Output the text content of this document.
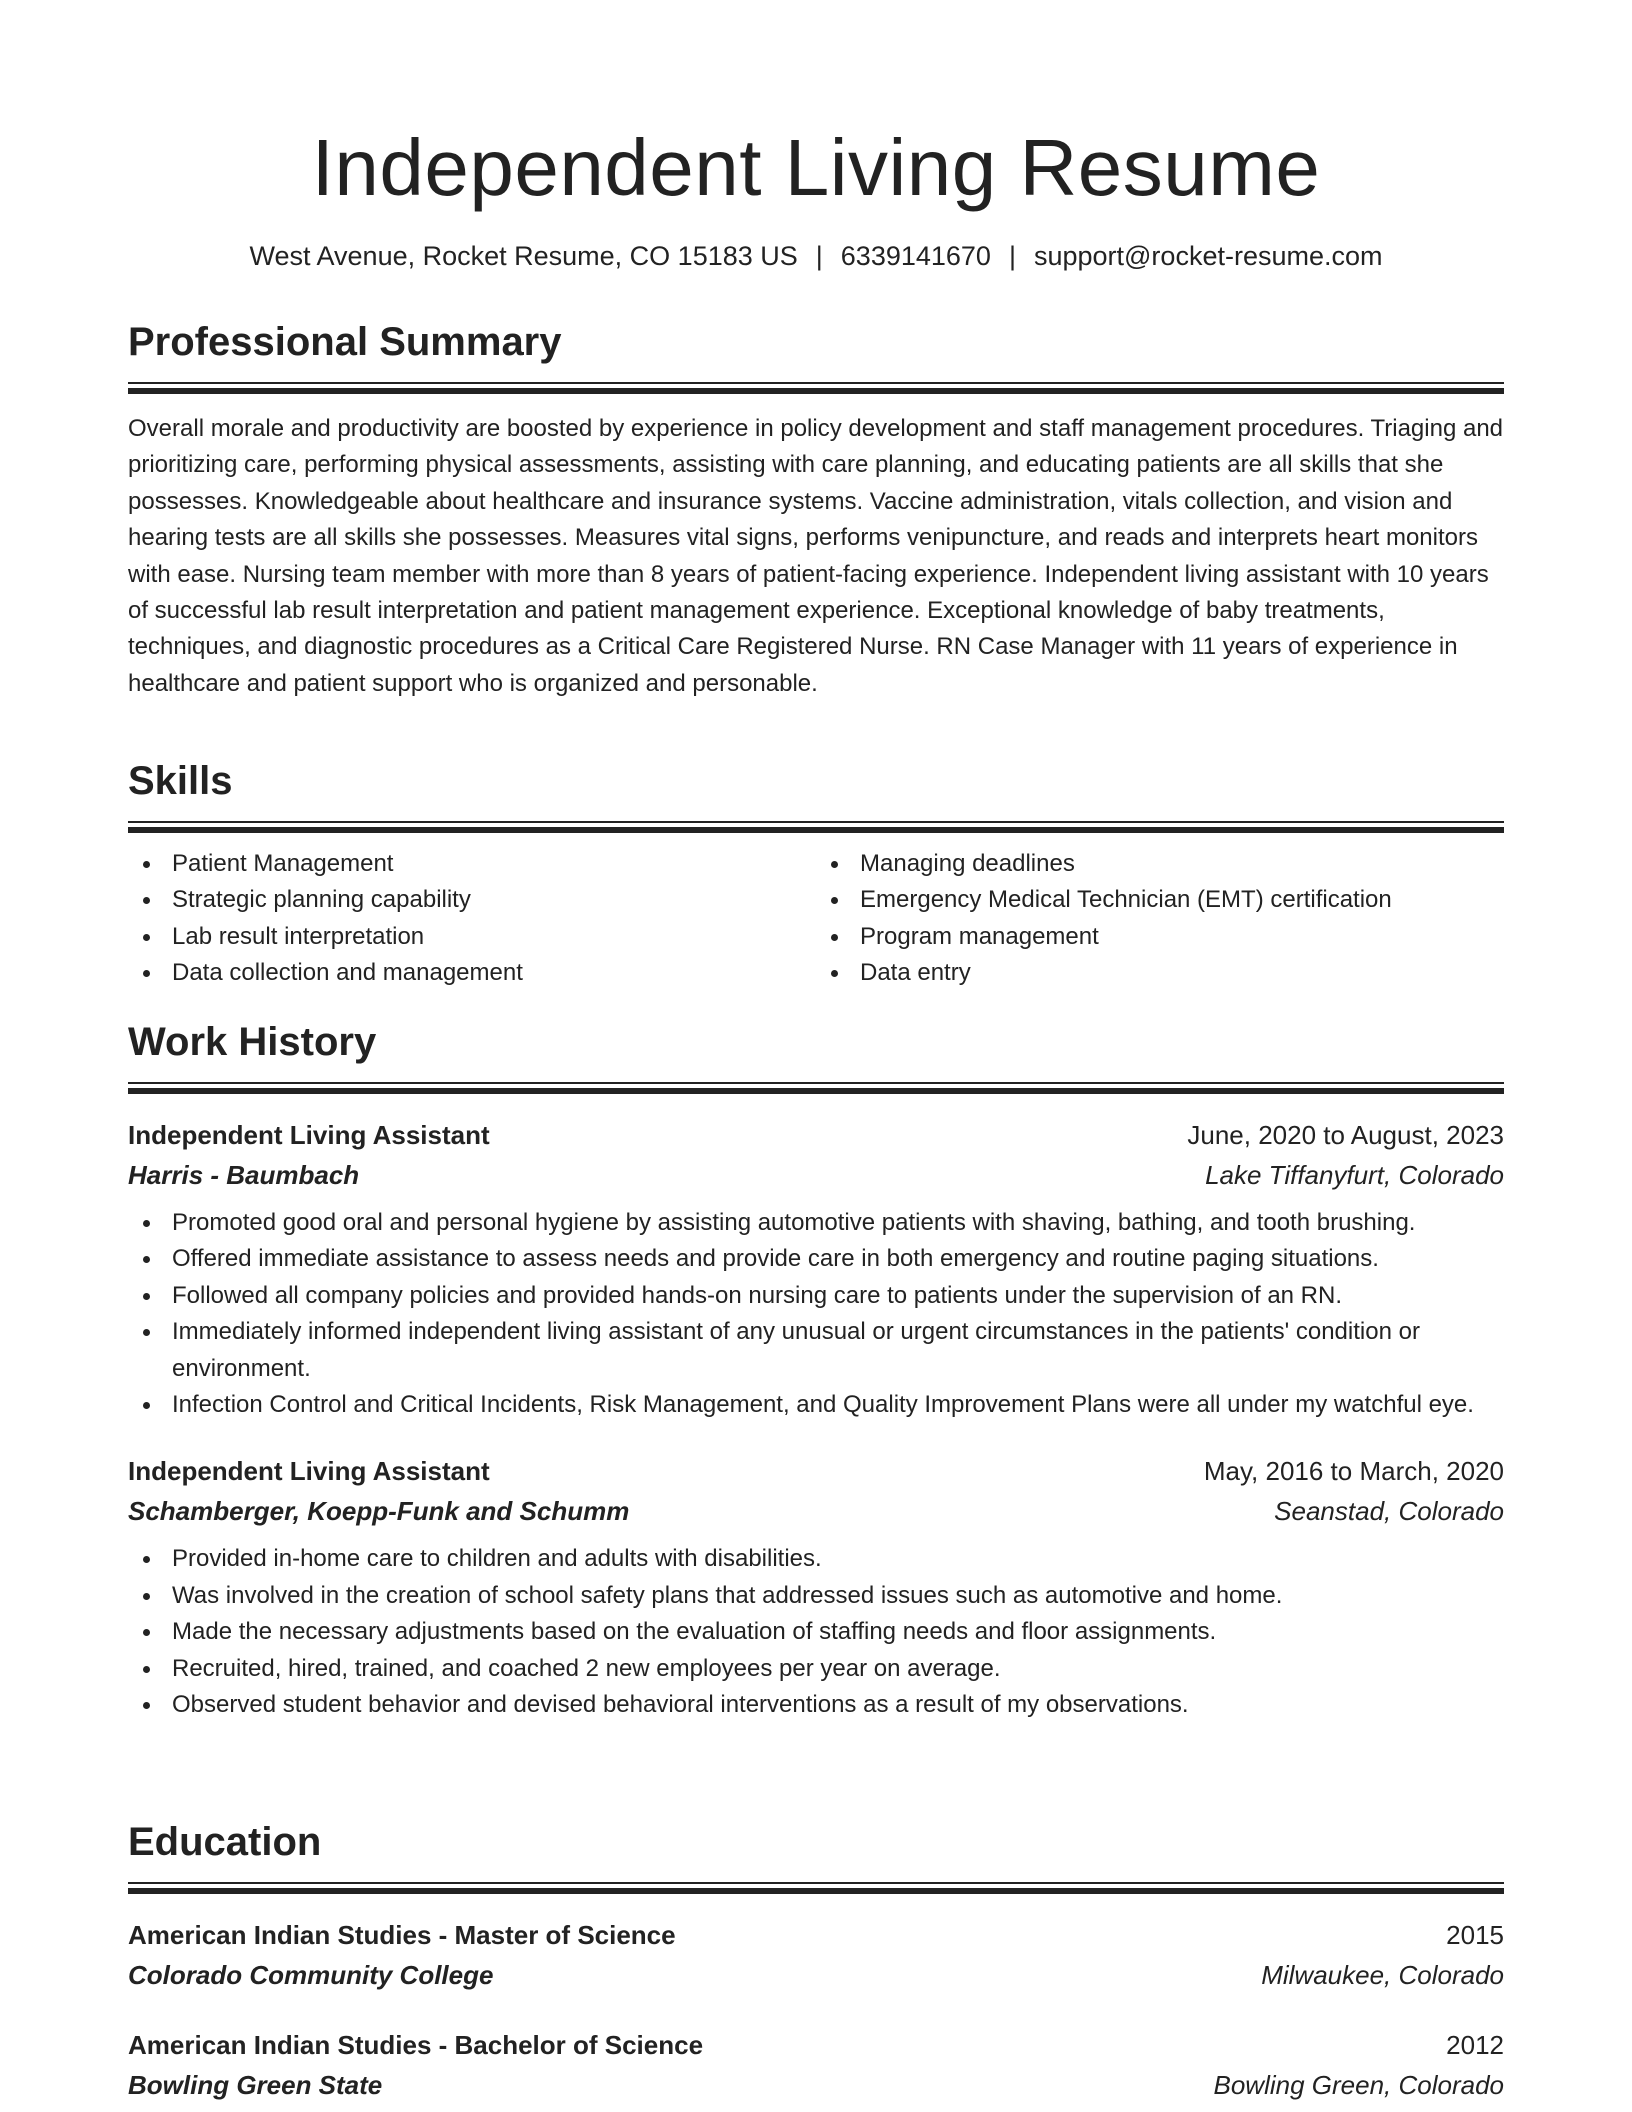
Independent Living Resume
West Avenue, Rocket Resume, CO 15183 US | 6339141670 | support@rocket-resume.com
Professional Summary
Overall morale and productivity are boosted by experience in policy development and staff management procedures. Triaging and prioritizing care, performing physical assessments, assisting with care planning, and educating patients are all skills that she possesses. Knowledgeable about healthcare and insurance systems. Vaccine administration, vitals collection, and vision and hearing tests are all skills she possesses. Measures vital signs, performs venipuncture, and reads and interprets heart monitors with ease. Nursing team member with more than 8 years of patient-facing experience. Independent living assistant with 10 years of successful lab result interpretation and patient management experience. Exceptional knowledge of baby treatments, techniques, and diagnostic procedures as a Critical Care Registered Nurse. RN Case Manager with 11 years of experience in healthcare and patient support who is organized and personable.
Skills
Patient Management
Strategic planning capability
Lab result interpretation
Data collection and management
Managing deadlines
Emergency Medical Technician (EMT) certification
Program management
Data entry
Work History
Independent Living Assistant	June, 2020 to August, 2023
Harris - Baumbach	Lake Tiffanyfurt, Colorado
Promoted good oral and personal hygiene by assisting automotive patients with shaving, bathing, and tooth brushing.
Offered immediate assistance to assess needs and provide care in both emergency and routine paging situations.
Followed all company policies and provided hands-on nursing care to patients under the supervision of an RN.
Immediately informed independent living assistant of any unusual or urgent circumstances in the patients' condition or environment.
Infection Control and Critical Incidents, Risk Management, and Quality Improvement Plans were all under my watchful eye.
Independent Living Assistant	May, 2016 to March, 2020
Schamberger, Koepp-Funk and Schumm	Seanstad, Colorado
Provided in-home care to children and adults with disabilities.
Was involved in the creation of school safety plans that addressed issues such as automotive and home.
Made the necessary adjustments based on the evaluation of staffing needs and floor assignments.
Recruited, hired, trained, and coached 2 new employees per year on average.
Observed student behavior and devised behavioral interventions as a result of my observations.
Education
American Indian Studies - Master of Science	2015
Colorado Community College	Milwaukee, Colorado
American Indian Studies - Bachelor of Science	2012
Bowling Green State	Bowling Green, Colorado
